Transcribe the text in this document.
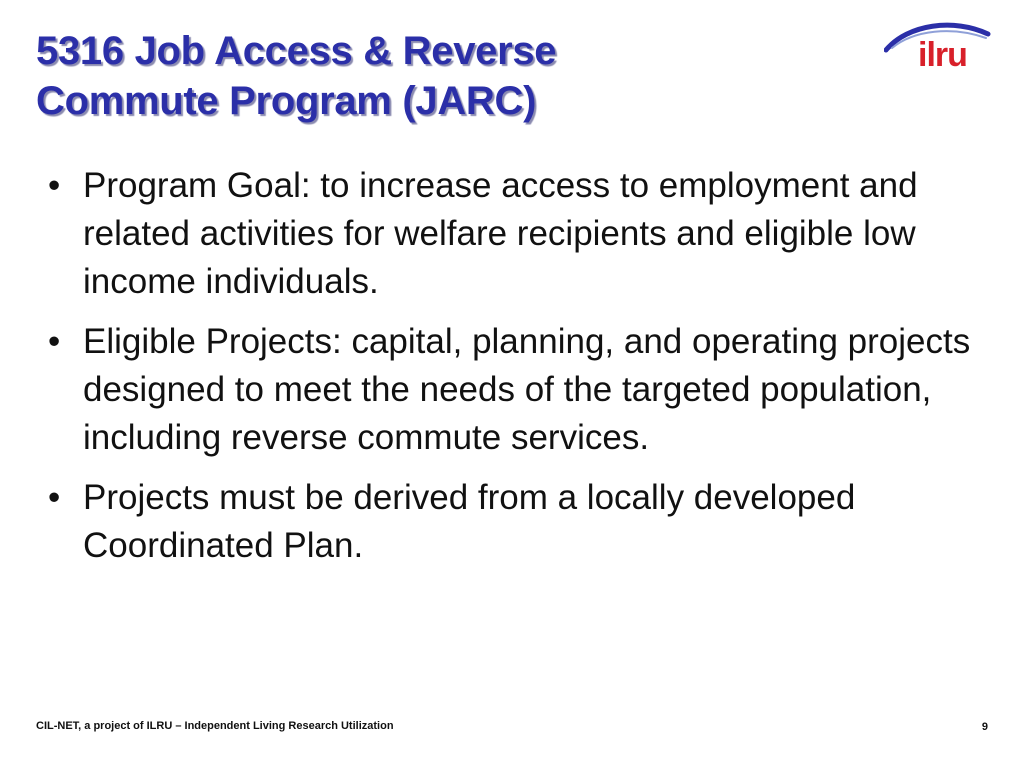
5316 Job Access & Reverse
Commute Program (JARC)
ilru
• Program Goal: to increase access to employment and related activities for welfare recipients and eligible low income individuals.
• Eligible Projects: capital, planning, and operating projects designed to meet the needs of the targeted population, including reverse commute services.
• Projects must be derived from a locally developed Coordinated Plan.
CIL-NET, a project of ILRU – Independent Living Research Utilization	9
